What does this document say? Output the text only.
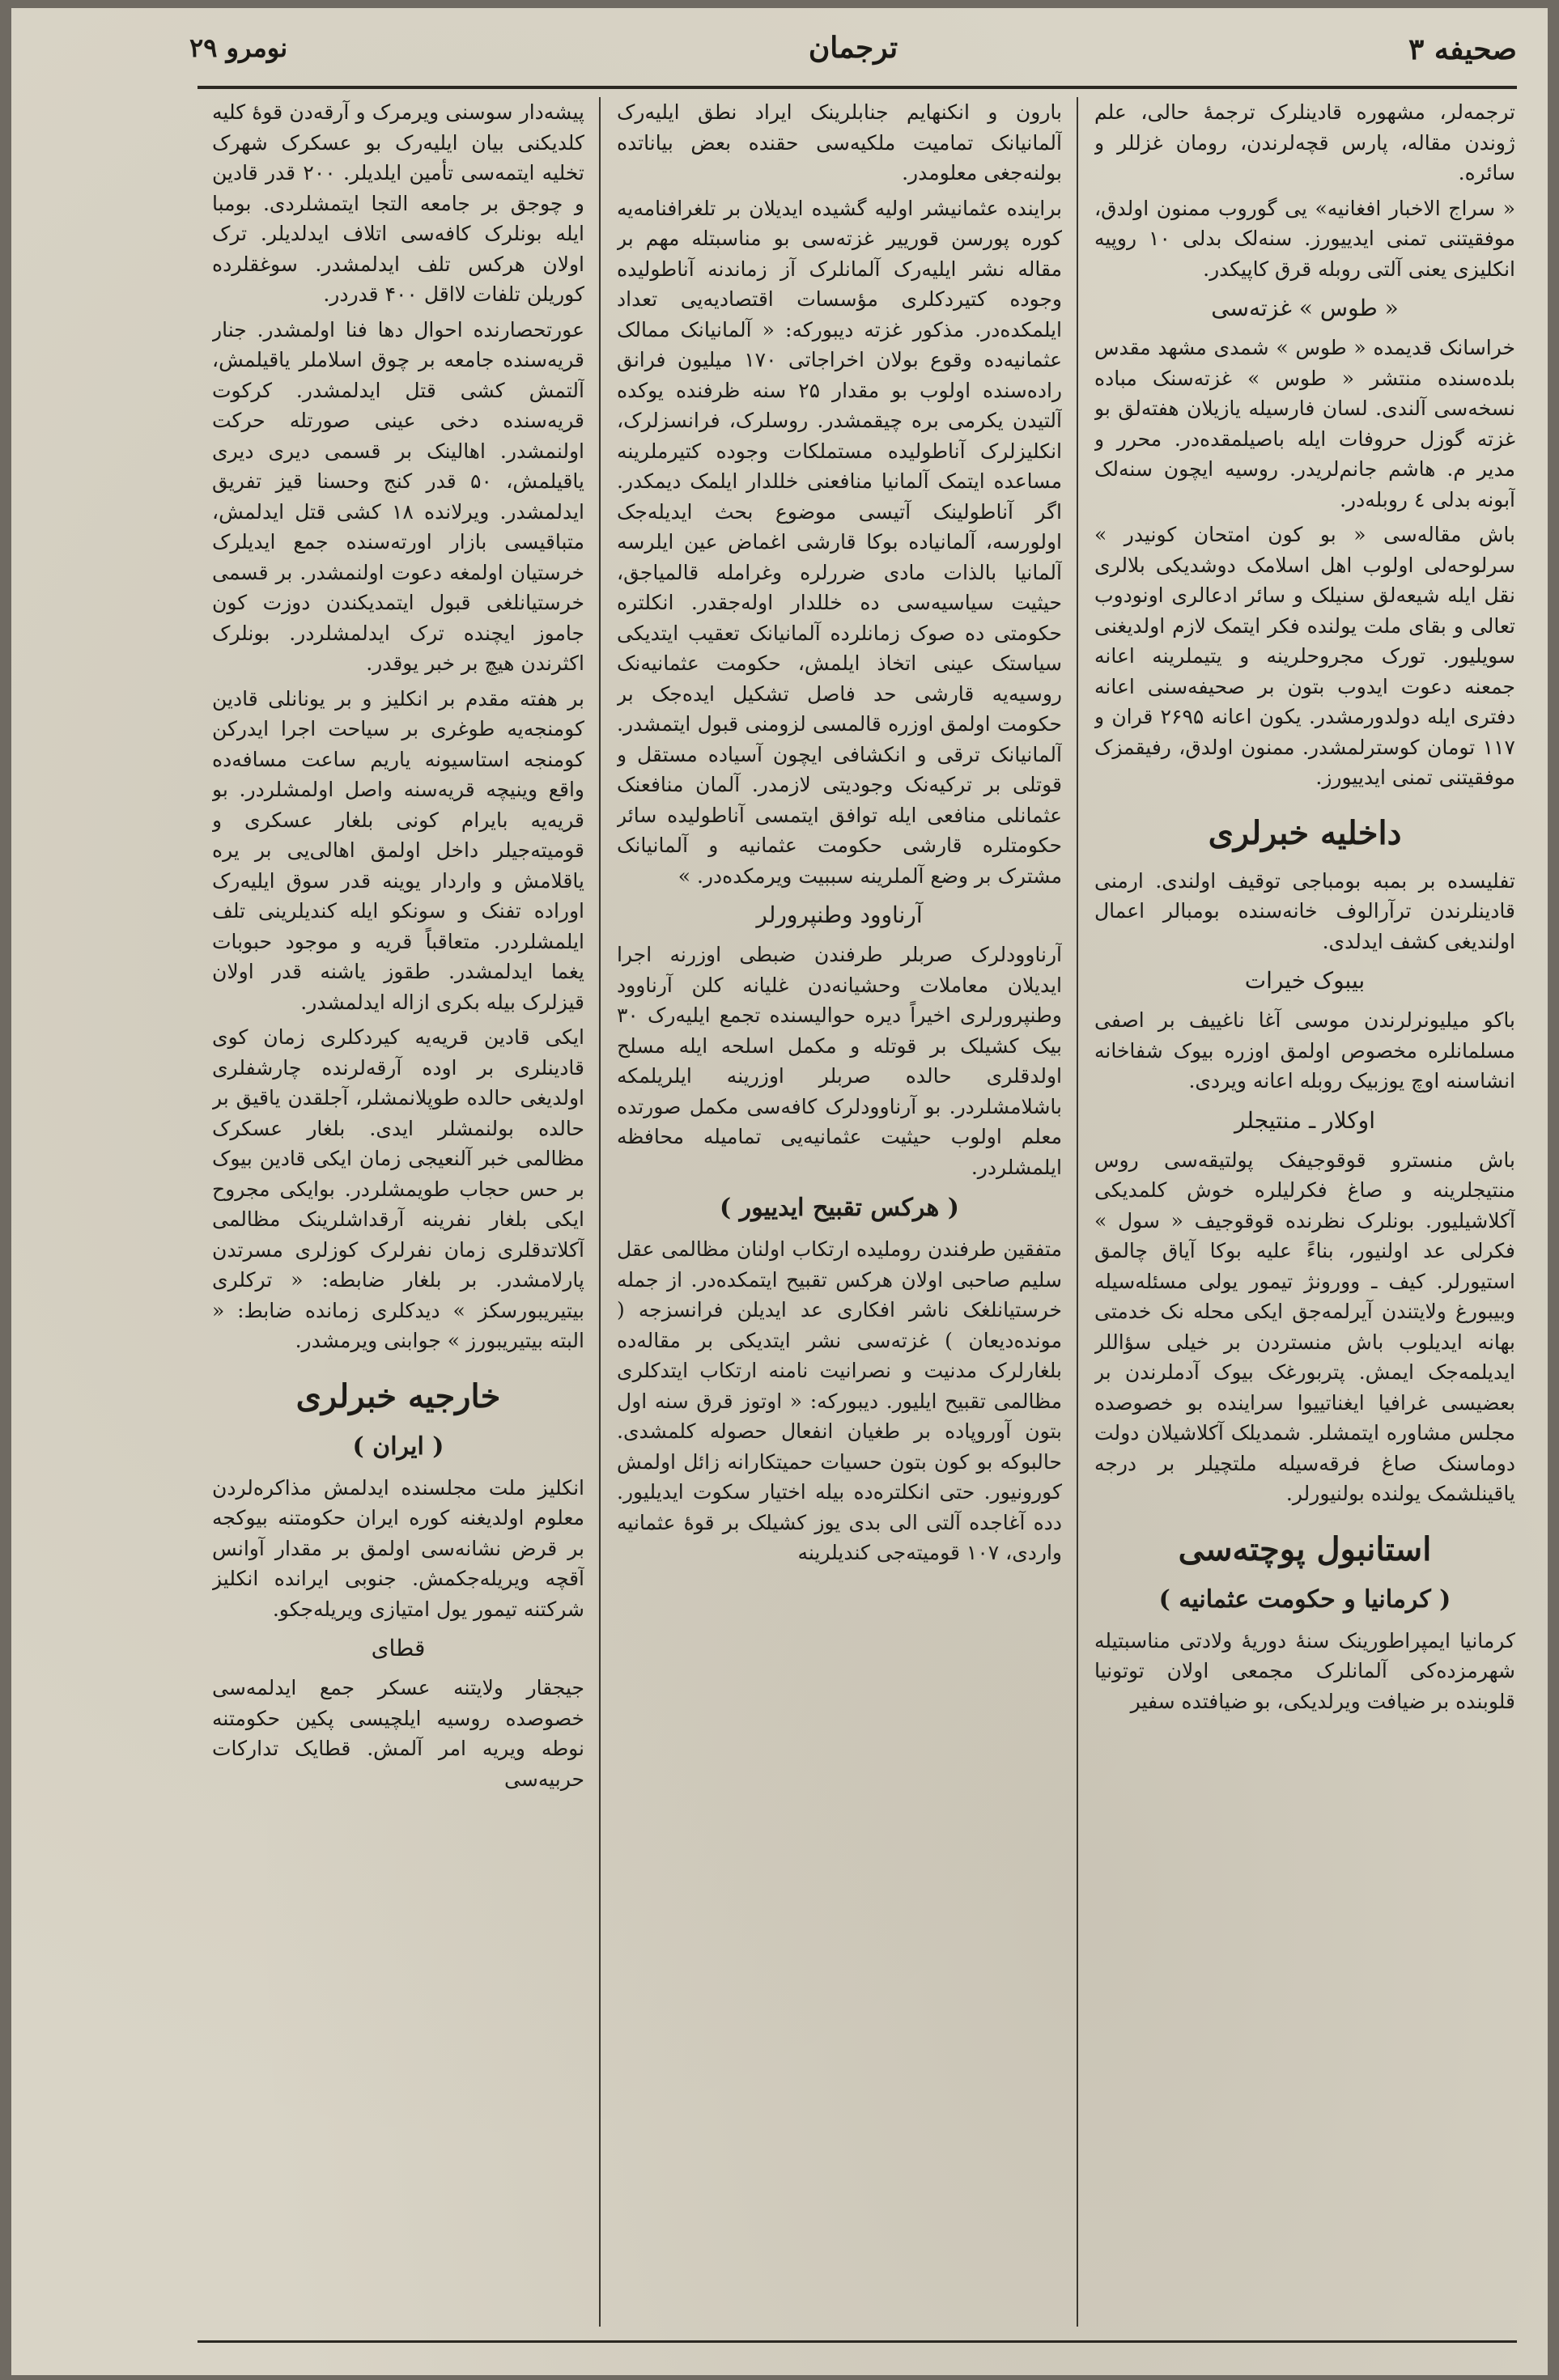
صحیفه ۳
ترجمان
نومرو ۲۹

ترجمه‌لر، مشهوره قادینلرک ترجمهٔ حالی، علم ژوندن مقاله، پارس قچه‌لرندن، رومان غزللر و سائره.

« سراج الاخبار افغانیه» یی گوروب ممنون اولدق، موفقیتنی تمنی ایدییورز. سنه‌لک بدلی ۱۰ روپیه انکلیزی یعنی آلتی روبله قرق کاپیکدر.

« طوس » غزته‌سی

خراسانک قدیمده « طوس » شمدی مشهد مقدس بلده‌سنده منتشر « طوس » غزته‌سنک مباده نسخه‌سی آلندی. لسان فارسیله یازیلان هفته‌لق بو غزته گوزل حروفات ایله باصیلمقده‌در. محرر و مدیر م. هاشم جانم‌لریدر. روسیه ایچون سنه‌لک آبونه بدلی ٤ روبله‌در.

باش مقاله‌سی « بو کون امتحان کونیدر » سرلوحه‌لی اولوب اهل اسلامک دوشدیکی بلالری نقل ایله شیعه‌لق سنیلک و سائر ادعالری اونودوب تعالی و بقای ملت یولنده فکر ایتمک لازم اولدیغنی سویلیور. تورک مجروحلرینه و یتیملرینه اعانه جمعنه دعوت ایدوب بتون بر صحیفه‌سنی اعانه دفتری ایله دولدورمشدر. یکون اعانه ۲۶۹۵ قران و ۱۱۷ تومان کوسترلمشدر. ممنون اولدق، رفیقمزک موفقیتنی تمنی ایدییورز.

داخلیه خبرلری

تفلیسده بر بمبه بومباجی توقیف اولندی. ارمنی قادینلرندن ترآرالوف خانه‌سنده بومبالر اعمال اولندیغی کشف ایدلدی.

بیبوک خیرات

باکو میلیونرلرندن موسی آغا ناغییف بر اصفی مسلمانلره مخصوص اولمق اوزره بیوک شفاخانه انشاسنه اوچ یوزبیک روبله اعانه ویردی.

اوکلار ـ منتیجلر

باش منسترو قوقوجیفک پولتیقه‌سی روس منتیجلرینه و صاغ فکرلیلره خوش کلمدیکی آکلاشیلیور. بونلرک نظرنده قوقوجیف « سول » فکرلی عد اولنیور، بناءً علیه بوکا آیاق چالمق استیورلر. کیف ـ وورونژ تیمور یولی مسئله‌سیله وبیبورغ ولایتندن آیرلمه‌جق ایکی محله نک خدمتی بهانه ایدیلوب باش منستردن بر خیلی سؤاللر ایدیلمه‌جک ایمش. پتربورغک بیوک آدملرندن بر بعضیسی غرافیا ایغناتییوا سراینده بو خصوصده مجلس مشاوره ایتمشلر. شمدیلک آکلاشیلان دولت دوماسنک صاغ فرقه‌سیله ملتچیلر بر درجه یاقینلشمک یولنده بولنیورلر.

استانبول پوچته‌سی
( کرمانیا و حکومت عثمانیه )

کرمانیا ایمپراطورینک سنهٔ دوریهٔ ولادتی مناسبتیله شهرمزده‌کی آلمانلرک مجمعی اولان توتونیا قلوبنده بر ضیافت ویرلدیکی، بو ضیافتده سفیر

بارون و انکنهایم جنابلرینک ایراد نطق ایلیه‌رک آلمانیانک تمامیت ملکیه‌سی حقنده بعض بیاناتده بولنه‌جغی معلومدر.

براینده عثمانیشر اولیه گشیده ایدیلان بر تلغرافنامه‌یه کوره پورسن قورییر غزته‌سی بو مناسبتله مهم بر مقاله نشر ایلیه‌رک آلمانلرک آز زماندنه آناطولیده وجوده کتیردکلری مؤسسات اقتصادیه‌یی تعداد ایلمکده‌در. مذکور غزته دیبورکه: « آلمانیانک ممالک عثمانیه‌ده وقوع بولان اخراجاتی ۱۷۰ میلیون فرانق راده‌سنده اولوب بو مقدار ۲۵ سنه ظرفنده یوکده آلتیدن یکرمی بره چیقمشدر. روسلرک، فرانسزلرک، انکلیزلرک آناطولیده مستملکات وجوده کتیرملرینه مساعده ایتمک آلمانیا منافعنی خللدار ایلمک دیمکدر. اگر آناطولینک آتیسی موضوع بحث ایدیله‌جک اولورسه، آلمانیاده بوکا قارشی اغماض عین ایلرسه آلمانیا بالذات مادی ضررلره وغرامله قالمیاجق، حیثیت سیاسیه‌سی ده خللدار اوله‌جقدر. انکلتره حکومتی ده صوک زمانلرده آلمانیانک تعقیب ایتدیکی سیاستک عینی اتخاذ ایلمش، حکومت عثمانیه‌نک روسیه‌یه قارشی حد فاصل تشکیل ایده‌جک بر حکومت اولمق اوزره قالمسی لزومنی قبول ایتمشدر. آلمانیانک ترقی و انکشافی ایچون آسیاده مستقل و قوتلی بر ترکیه‌نک وجودیتی لازمدر. آلمان منافعنک عثمانلی منافعی ایله توافق ایتمسی آناطولیده سائر حکومتلره قارشی حکومت عثمانیه و آلمانیانک مشترک بر وضع آلملرینه سببیت ویرمکده‌در. »

آرناوود وطنپرورلر

آرناوودلرک صربلر طرفندن ضبطی اوزرنه اجرا ایدیلان معاملات وحشیانه‌دن غلیانه کلن آرناوود وطنپرورلری اخیراً دیره حوالیسنده تجمع ایلیه‌رک ۳۰ بیک کشیلک بر قوتله و مکمل اسلحه ایله مسلح اولدقلری حالده صربلر اوزرینه ایلریلمکه باشلامشلردر. بو آرناوودلرک کافه‌سی مکمل صورتده معلم اولوب حیثیت عثمانیه‌یی تمامیله محافظه ایلمشلردر.

( هرکس تقبیح ایدییور )

متفقین طرفندن روملیده ارتکاب اولنان مظالمی عقل سلیم صاحبی اولان هرکس تقبیح ایتمکده‌در. از جمله خرستیانلغک ناشر افکاری عد ایدیلن فرانسزجه ( مونده‌دیعان ) غزته‌سی نشر ایتدیکی بر مقاله‌ده بلغارلرک مدنیت و نصرانیت نامنه ارتکاب ایتدکلری مظالمی تقبیح ایلیور. دیبورکه: « اوتوز قرق سنه اول بتون آوروپاده بر طغیان انفعال حصوله کلمشدی. حالبوکه بو کون بتون حسیات حمیتکارانه زائل اولمش کورونیور. حتی انکلتره‌ده بیله اختیار سکوت ایدیلیور. دده آغاجده آلتی الی بدی یوز کشیلک بر قوهٔ عثمانیه واردی، ۱۰۷ قومیته‌جی کندیلرینه

پیشه‌دار سوسنی ویرمرک و آرقه‌دن قوهٔ کلیه کلدیکنی بیان ایلیه‌رک بو عسکرک شهرک تخلیه ایتمه‌سی تأمین ایلدیلر. ۲۰۰ قدر قادین و چوجق بر جامعه التجا ایتمشلردی. بومبا ایله بونلرک کافه‌سی اتلاف ایدلدیلر. ترک اولان هرکس تلف ایدلمشدر. سوغقلرده کوریلن تلفات لااقل ۴۰۰ قدردر.

عورتحصارنده احوال دها فنا اولمشدر. جنار قریه‌سنده جامعه بر چوق اسلاملر یاقیلمش، آلتمش کشی قتل ایدلمشدر. کرکوت قریه‌سنده دخی عینی صورتله حرکت اولنمشدر. اهالینک بر قسمی دیری دیری یاقیلمش، ۵۰ قدر کنج وحسنا قیز تفریق ایدلمشدر. ویرلانده ۱۸ کشی قتل ایدلمش، متباقیسی بازار اورته‌سنده جمع ایدیلرک خرستیان اولمغه دعوت اولنمشدر. بر قسمی خرستیانلغی قبول ایتمدیکندن دوزت کون جاموز ایچنده ترک ایدلمشلردر. بونلرک اکثرندن هیچ بر خبر یوقدر.

بر هفته مقدم بر انکلیز و بر یونانلی قادین کومنجه‌یه طوغری بر سیاحت اجرا ایدرکن کومنجه استاسیونه یاریم ساعت مسافه‌ده واقع وینیچه قریه‌سنه واصل اولمشلردر. بو قریه‌یه بایرام کونی بلغار عسکری و قومیته‌جیلر داخل اولمق اهالی‌یی بر یره یاقلامش و واردار یوینه قدر سوق ایلیه‌رک اوراده تفنک و سونکو ایله کندیلرینی تلف ایلمشلردر. متعاقباً قریه و موجود حبوبات یغما ایدلمشدر. طقوز یاشنه قدر اولان قیزلرک بیله بکری ازاله ایدلمشدر.

ایکی قادین قریه‌یه کیردکلری زمان کوی قادینلری بر اوده آرقه‌لرنده چارشفلری اولدیغی حالده طوپلانمشلر، آجلقدن یاقیق بر حالده بولنمشلر ایدی. بلغار عسکرک مظالمی خبر آلنعیجی زمان ایکی قادین بیوک بر حس حجاب طویمشلردر. بوایکی مجروح ایکی بلغار نفرینه آرقداشلرینک مظالمی آکلاتدقلری زمان نفرلرک کوزلری مسرتدن پارلامشدر. بر بلغار ضابطه: « ترکلری بیتیریبورسکز » دیدکلری زمانده ضابط: « البته بیتیریبورز » جوابنی ویرمشدر.

خارجیه خبرلری
( ایران )

انکلیز ملت مجلسنده ایدلمش مذاکره‌لردن معلوم اولدیغنه کوره ایران حکومتنه بیوکجه بر قرض نشانه‌سی اولمق بر مقدار آوانس آقچه ویریله‌جکمش. جنوبی ایرانده انکلیز شرکتنه تیمور یول امتیازی ویریله‌جکو.

قطای

جیجقار ولایتنه عسکر جمع ایدلمه‌سی خصوصده روسیه ایلچیسی پکین حکومتنه نوطه ویریه امر آلمش. قطایک تدارکات حربیه‌سی
